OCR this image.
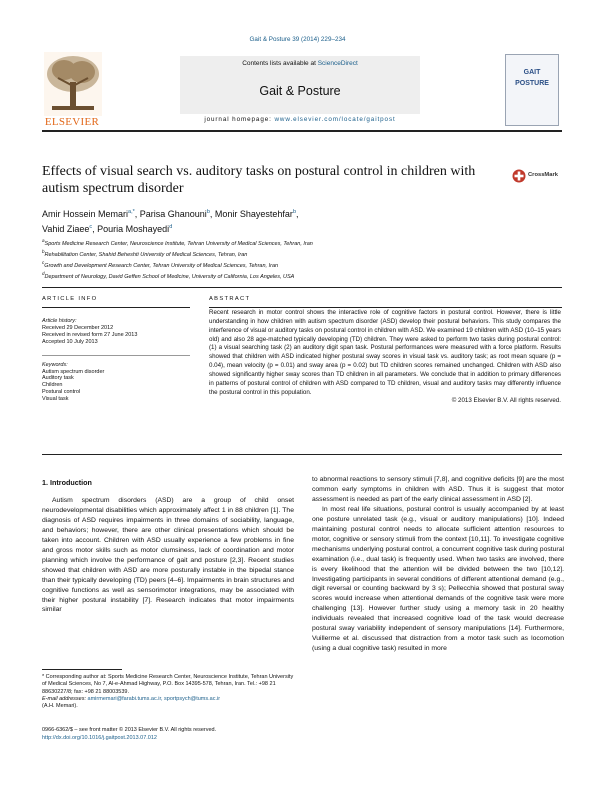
Gait & Posture 39 (2014) 229–234
ELSEVIER
Contents lists available at ScienceDirect
Gait & Posture
journal homepage: www.elsevier.com/locate/gaitpost
GAIT
POSTURE
Effects of visual search vs. auditory tasks on postural control in children with autism spectrum disorder
CrossMark
Amir Hossein Memari$^{a,*}$, Parisa Ghanouni$^b$, Monir Shayestehfar$^b$,
Vahid Ziaee$^c$, Pouria Moshayedi$^d$
$^a$Sports Medicine Research Center, Neuroscience Institute, Tehran University of Medical Sciences, Tehran, Iran
$^b$Rehabilitation Center, Shahid Beheshti University of Medical Sciences, Tehran, Iran
$^c$Growth and Development Research Center, Tehran University of Medical Sciences, Tehran, Iran
$^d$Department of Neurology, David Geffen School of Medicine, University of California, Los Angeles, USA
ARTICLE INFO
Article history:
Received 29 December 2012
Received in revised form 27 June 2013
Accepted 10 July 2013
Keywords:
Autism spectrum disorder
Auditory task
Children
Postural control
Visual task
ABSTRACT
Recent research in motor control shows the interactive role of cognitive factors in postural control. However, there is little understanding in how children with autism spectrum disorder (ASD) develop their postural behaviors. This study compares the interference of visual or auditory tasks on postural control in children with ASD. We examined 19 children with ASD (10–15 years old) and also 28 age-matched typically developing (TD) children. They were asked to perform two tasks during postural control: (1) a visual searching task (2) an auditory digit span task. Postural performances were measured with a force platform. Results showed that children with ASD indicated higher postural sway scores in visual task vs. auditory task; as root mean square (p = 0.04), mean velocity (p = 0.01) and sway area (p = 0.02) but TD children scores remained unchanged. Children with ASD also showed significantly higher sway scores than TD children in all parameters. We conclude that in addition to primary differences in patterns of postural control of children with ASD compared to TD children, visual and auditory tasks may differently influence the postural control in this population.
© 2013 Elsevier B.V. All rights reserved.
1. Introduction

Autism spectrum disorders (ASD) are a group of child onset neurodevelopmental disabilities which approximately affect 1 in 88 children [1]. The diagnosis of ASD requires impairments in three domains of sociability, language, and behaviors; however, there are other clinical presentations which should be taken into account. Children with ASD usually experience a few problems in fine and gross motor skills such as motor clumsiness, lack of coordination and motor planning which involve the performance of gait and posture [2,3]. Recent studies showed that children with ASD are more posturally instable in the bipedal stance than their typically developing (TD) peers [4–6]. Impairments in brain structures and cognitive functions as well as sensorimotor integrations, may be associated with their higher postural instability [7]. Research indicates that motor impairments similar

to abnormal reactions to sensory stimuli [7,8], and cognitive deficits [9] are the most common early symptoms in children with ASD. Thus it is suggest that motor assessment is needed as part of the early clinical assessment in ASD [2].

In most real life situations, postural control is usually accompanied by at least one posture unrelated task (e.g., visual or auditory manipulations) [10]. Indeed maintaining postural control needs to allocate sufficient attention resources to motor, cognitive or sensory stimuli from the context [10,11]. To investigate cognitive mechanisms underlying postural control, a concurrent cognitive task during postural examination (i.e., dual task) is frequently used. When two tasks are involved, there is every likelihood that the attention will be divided between the two [10,12]. Investigating participants in several conditions of different attentional demand (e.g., digit reversal or counting backward by 3 s); Pellecchia showed that postural sway scores would increase when attentional demands of the cognitive task were more challenging [13]. However further study using a memory task in 20 healthy individuals revealed that increased cognitive load of the task would decrease postural sway variability independent of sensory manipulations [14]. Furthermore, Vuillerme et al. discussed that distraction from a motor task such as locomotion (using a dual cognitive task) resulted in more

* Corresponding author at: Sports Medicine Research Center, Neuroscience Institute, Tehran University of Medical Sciences, No 7, Al-e-Ahmad Highway, P.O. Box 14395-578, Tehran, Iran. Tel.: +98 21 88630227/8; fax: +98 21 88003539.
E-mail addresses: amirmemari@farabi.tums.ac.ir, sportpsych@tums.ac.ir
(A.H. Memari).
0966-6362/$ – see front matter © 2013 Elsevier B.V. All rights reserved.
http://dx.doi.org/10.1016/j.gaitpost.2013.07.012
